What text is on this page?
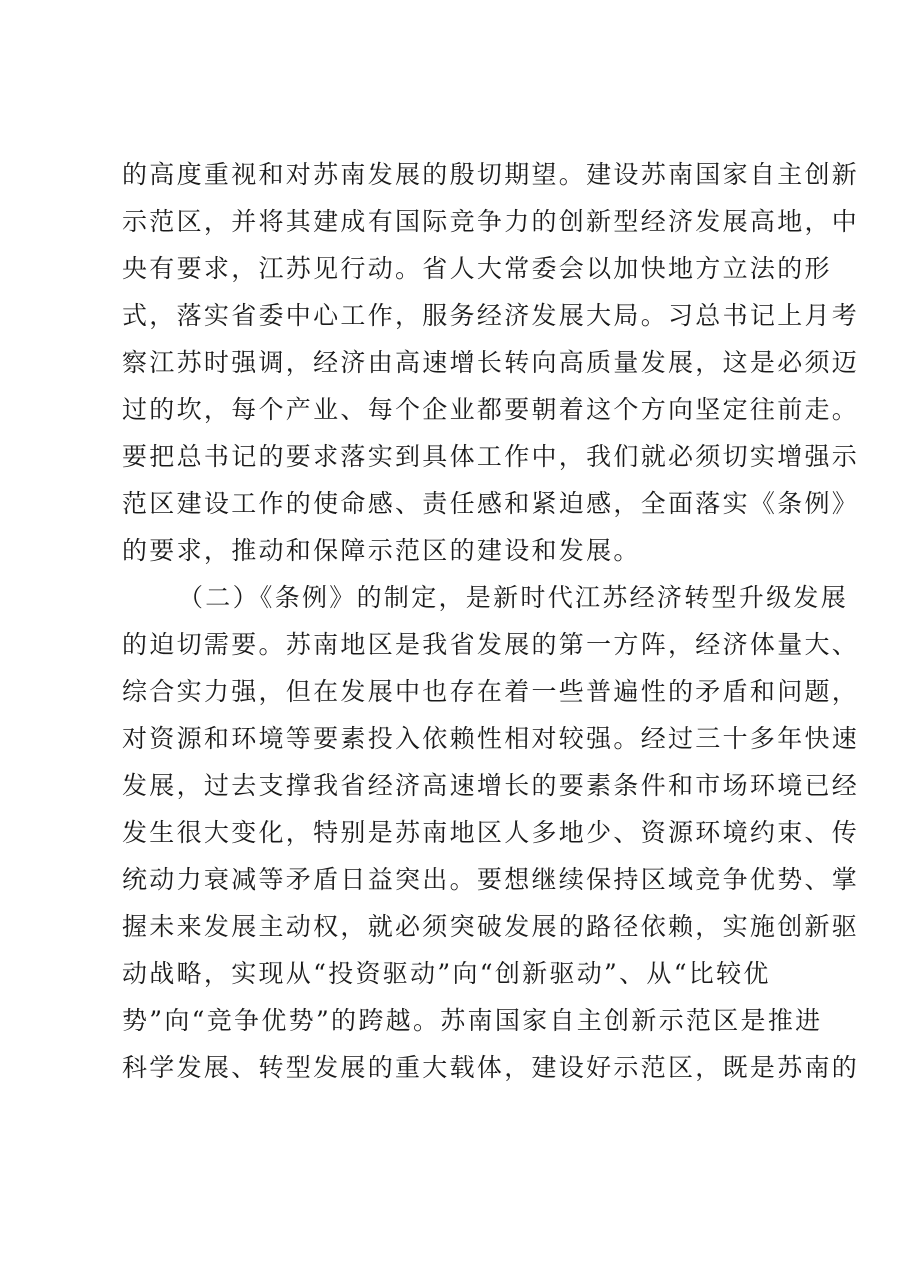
的高度重视和对苏南发展的殷切期望。建设苏南国家自主创新
示范区，并将其建成有国际竞争力的创新型经济发展高地，中
央有要求，江苏见行动。省人大常委会以加快地方立法的形
式，落实省委中心工作，服务经济发展大局。习总书记上月考
察江苏时强调，经济由高速增长转向高质量发展，这是必须迈
过的坎，每个产业、每个企业都要朝着这个方向坚定往前走。
要把总书记的要求落实到具体工作中，我们就必须切实增强示
范区建设工作的使命感、责任感和紧迫感，全面落实《条例》
的要求，推动和保障示范区的建设和发展。
（二）《条例》的制定，是新时代江苏经济转型升级发展
的迫切需要。苏南地区是我省发展的第一方阵，经济体量大、
综合实力强，但在发展中也存在着一些普遍性的矛盾和问题，
对资源和环境等要素投入依赖性相对较强。经过三十多年快速
发展，过去支撑我省经济高速增长的要素条件和市场环境已经
发生很大变化，特别是苏南地区人多地少、资源环境约束、传
统动力衰减等矛盾日益突出。要想继续保持区域竞争优势、掌
握未来发展主动权，就必须突破发展的路径依赖，实施创新驱
动战略，实现从“投资驱动”向“创新驱动”、从“比较优
势”向“竞争优势”的跨越。苏南国家自主创新示范区是推进
科学发展、转型发展的重大载体，建设好示范区，既是苏南的
